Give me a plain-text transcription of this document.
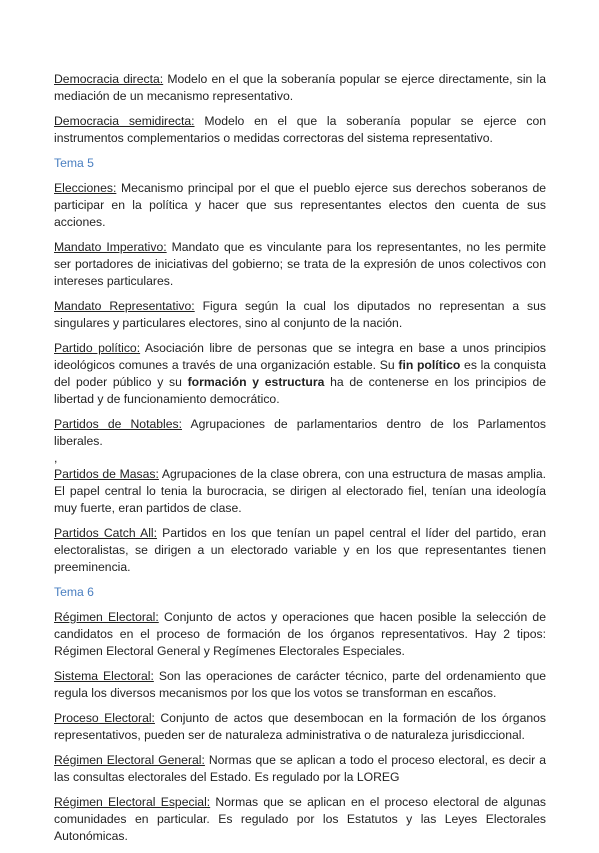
Democracia directa: Modelo en el que la soberanía popular se ejerce directamente, sin la mediación de un mecanismo representativo.

Democracia semidirecta: Modelo en el que la soberanía popular se ejerce con instrumentos complementarios o medidas correctoras del sistema representativo.

Tema 5

Elecciones: Mecanismo principal por el que el pueblo ejerce sus derechos soberanos de participar en la política y hacer que sus representantes electos den cuenta de sus acciones.

Mandato Imperativo: Mandato que es vinculante para los representantes, no les permite ser portadores de iniciativas del gobierno; se trata de la expresión de unos colectivos con intereses particulares.

Mandato Representativo: Figura según la cual los diputados no representan a sus singulares y particulares electores, sino al conjunto de la nación.

Partido político: Asociación libre de personas que se integra en base a unos principios ideológicos comunes a través de una organización estable. Su fin político es la conquista del poder público y su formación y estructura ha de contenerse en los principios de libertad y de funcionamiento democrático.

Partidos de Notables: Agrupaciones de parlamentarios dentro de los Parlamentos liberales.

,

Partidos de Masas: Agrupaciones de la clase obrera, con una estructura de masas amplia. El papel central lo tenia la burocracia, se dirigen al electorado fiel, tenían una ideología muy fuerte, eran partidos de clase.

Partidos Catch All: Partidos en los que tenían un papel central el líder del partido, eran electoralistas, se dirigen a un electorado variable y en los que representantes tienen preeminencia.

Tema 6

Régimen Electoral: Conjunto de actos y operaciones que hacen posible la selección de candidatos en el proceso de formación de los órganos representativos. Hay 2 tipos: Régimen Electoral General y Regímenes Electorales Especiales.

Sistema Electoral: Son las operaciones de carácter técnico, parte del ordenamiento que regula los diversos mecanismos por los que los votos se transforman en escaños.

Proceso Electoral: Conjunto de actos que desembocan en la formación de los órganos representativos, pueden ser de naturaleza administrativa o de naturaleza jurisdiccional.

Régimen Electoral General: Normas que se aplican a todo el proceso electoral, es decir a las consultas electorales del Estado. Es regulado por la LOREG

Régimen Electoral Especial: Normas que se aplican en el proceso electoral de algunas comunidades en particular. Es regulado por los Estatutos y las Leyes Electorales Autonómicas.
